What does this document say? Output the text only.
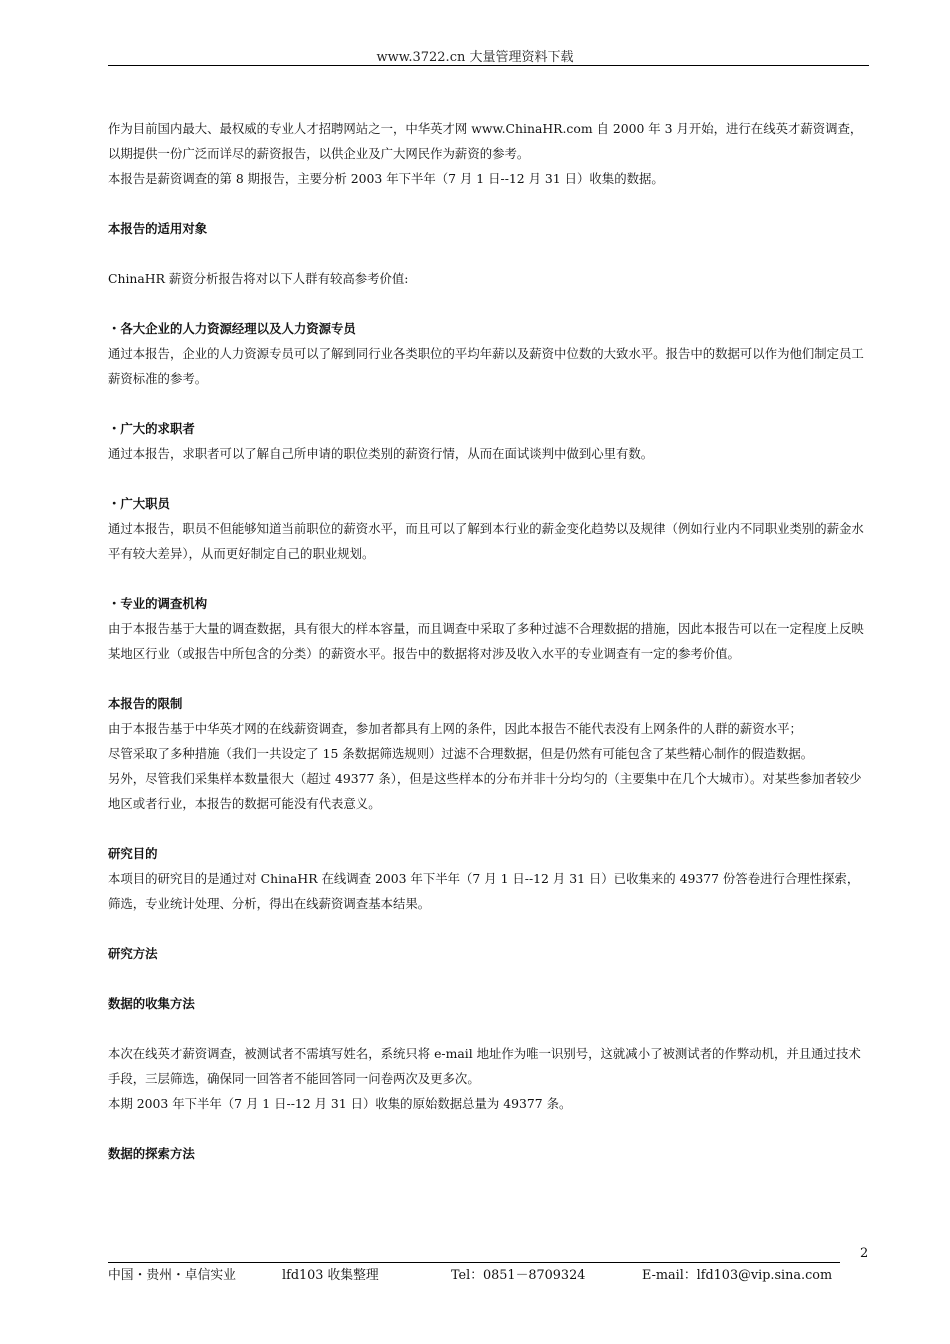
www.3722.cn 大量管理资料下载

作为目前国内最大、最权威的专业人才招聘网站之一，中华英才网 www.ChinaHR.com 自 2000 年 3 月开始，进行在线英才薪资调查，以期提供一份广泛而详尽的薪资报告，以供企业及广大网民作为薪资的参考。

本报告是薪资调查的第 8 期报告，主要分析 2003 年下半年（7 月 1 日--12 月 31 日）收集的数据。

本报告的适用对象

ChinaHR 薪资分析报告将对以下人群有较高参考价值:

・各大企业的人力资源经理以及人力资源专员

通过本报告，企业的人力资源专员可以了解到同行业各类职位的平均年薪以及薪资中位数的大致水平。报告中的数据可以作为他们制定员工薪资标准的参考。

・广大的求职者

通过本报告，求职者可以了解自己所申请的职位类别的薪资行情，从而在面试谈判中做到心里有数。

・广大职员

通过本报告，职员不但能够知道当前职位的薪资水平，而且可以了解到本行业的薪金变化趋势以及规律（例如行业内不同职业类别的薪金水平有较大差异），从而更好制定自己的职业规划。

・专业的调查机构

由于本报告基于大量的调查数据，具有很大的样本容量，而且调查中采取了多种过滤不合理数据的措施，因此本报告可以在一定程度上反映某地区行业（或报告中所包含的分类）的薪资水平。报告中的数据将对涉及收入水平的专业调查有一定的参考价值。

本报告的限制

由于本报告基于中华英才网的在线薪资调查，参加者都具有上网的条件，因此本报告不能代表没有上网条件的人群的薪资水平；

尽管采取了多种措施（我们一共设定了 15 条数据筛选规则）过滤不合理数据，但是仍然有可能包含了某些精心制作的假造数据。

另外，尽管我们采集样本数量很大（超过 49377 条），但是这些样本的分布并非十分均匀的（主要集中在几个大城市）。对某些参加者较少地区或者行业，本报告的数据可能没有代表意义。

研究目的

本项目的研究目的是通过对 ChinaHR 在线调查 2003 年下半年（7 月 1 日--12 月 31 日）已收集来的 49377 份答卷进行合理性探索，筛选，专业统计处理、分析，得出在线薪资调查基本结果。

研究方法

数据的收集方法

本次在线英才薪资调查，被测试者不需填写姓名，系统只将 e-mail 地址作为唯一识别号，这就减小了被测试者的作弊动机，并且通过技术手段，三层筛选，确保同一回答者不能回答同一问卷两次及更多次。

本期 2003 年下半年（7 月 1 日--12 月 31 日）收集的原始数据总量为 49377 条。

数据的探索方法

2
中国・贵州・卓信实业	lfd103 收集整理	Tel：0851－8709324	E-mail：lfd103@vip.sina.com
